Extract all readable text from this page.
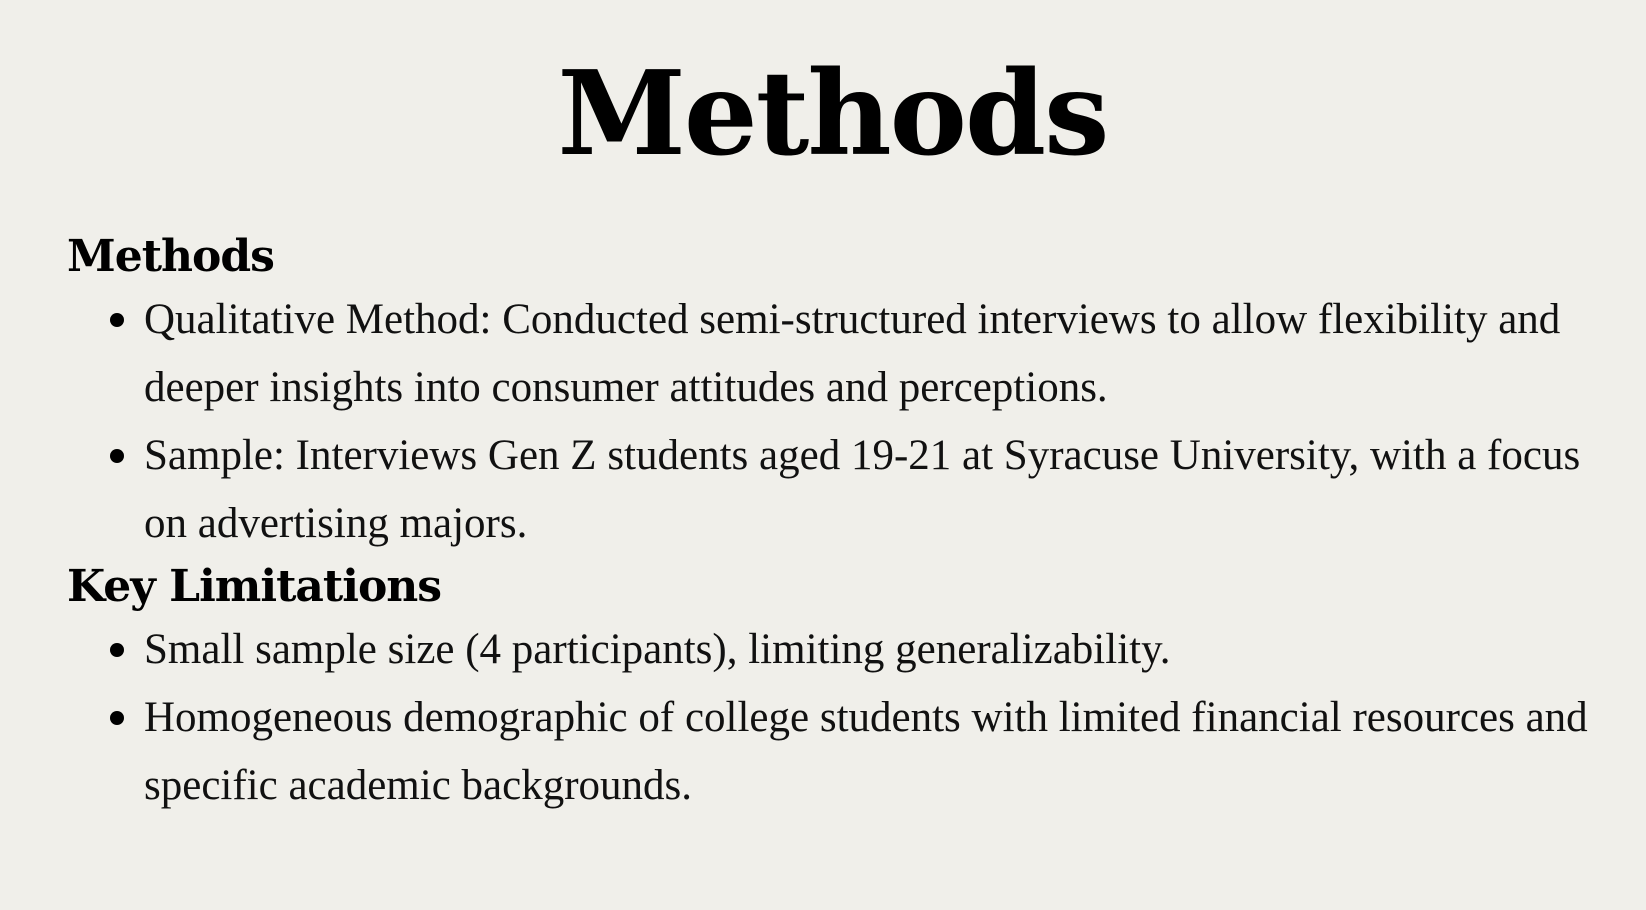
Methods
Methods
Qualitative Method: Conducted semi-structured interviews to allow flexibility and deeper insights into consumer attitudes and perceptions.
Sample: Interviews Gen Z students aged 19-21 at Syracuse University, with a focus on advertising majors.
Key Limitations
Small sample size (4 participants), limiting generalizability.
Homogeneous demographic of college students with limited financial resources and specific academic backgrounds.
